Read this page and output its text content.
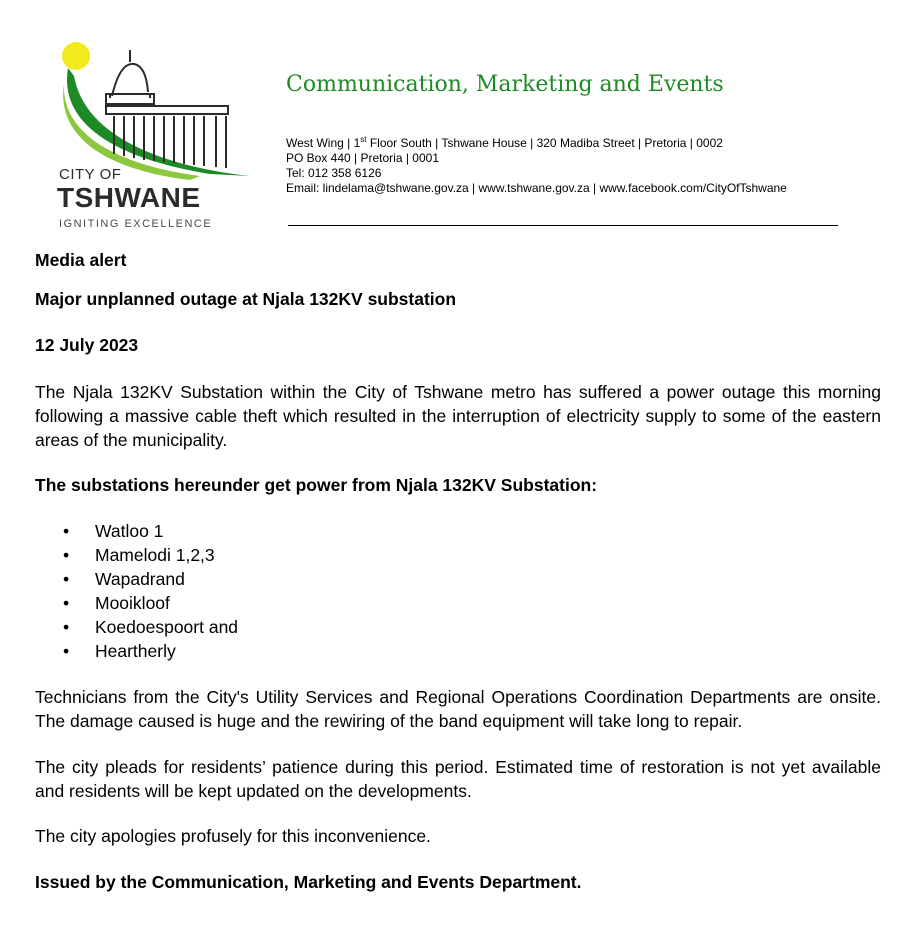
CITY OF
TSHWANE
IGNITING EXCELLENCE
Communication, Marketing and Events
West Wing | 1st Floor South | Tshwane House | 320 Madiba Street | Pretoria | 0002
PO Box 440 | Pretoria | 0001
Tel: 012 358 6126
Email: lindelama@tshwane.gov.za | www.tshwane.gov.za | www.facebook.com/CityOfTshwane

Media alert

Major unplanned outage at Njala 132KV substation

12 July 2023

The Njala 132KV Substation within the City of Tshwane metro has suffered a power outage this morning following a massive cable theft which resulted in the interruption of electricity supply to some of the eastern areas of the municipality.

The substations hereunder get power from Njala 132KV Substation:

• Watloo 1
• Mamelodi 1,2,3
• Wapadrand
• Mooikloof
• Koedoespoort and
• Heartherly

Technicians from the City's Utility Services and Regional Operations Coordination Departments are onsite. The damage caused is huge and the rewiring of the band equipment will take long to repair.

The city pleads for residents’ patience during this period. Estimated time of restoration is not yet available and residents will be kept updated on the developments.

The city apologies profusely for this inconvenience.

Issued by the Communication, Marketing and Events Department.
